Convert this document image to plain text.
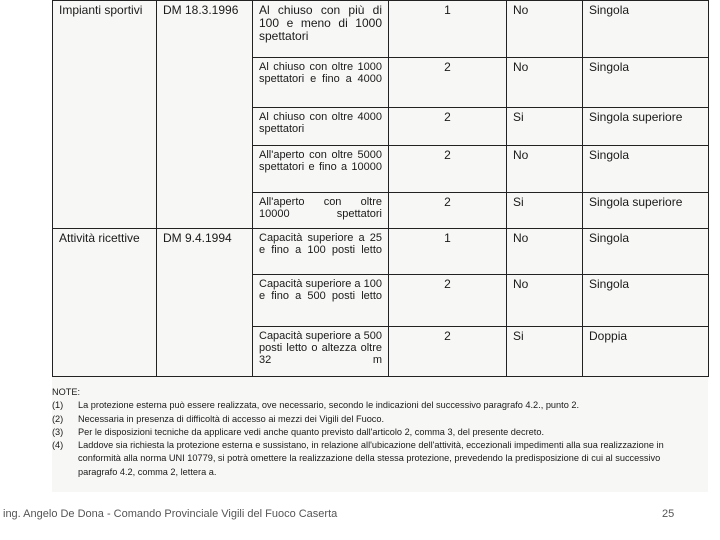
Impianti sportivi	DM 18.3.1996	Al chiuso con più di 100 e meno di 1000 spettatori	1	No	Singola
		Al chiuso con oltre 1000 spettatori e fino a 4000	2	No	Singola
		Al chiuso con oltre 4000 spettatori	2	Si	Singola superiore
		All'aperto con oltre 5000 spettatori e fino a 10000	2	No	Singola
		All'aperto con oltre 10000 spettatori	2	Si	Singola superiore
Attività ricettive	DM 9.4.1994	Capacità superiore a 25 e fino a 100 posti letto	1	No	Singola
		Capacità superiore a 100 e fino a 500 posti letto	2	No	Singola
		Capacità superiore a 500 posti letto o altezza oltre 32 m	2	Si	Doppia
NOTE:
(1)	La protezione esterna può essere realizzata, ove necessario, secondo le indicazioni del successivo paragrafo 4.2., punto 2.
(2)	Necessaria in presenza di difficoltà di accesso ai mezzi dei Vigili del Fuoco.
(3)	Per le disposizioni tecniche da applicare vedi anche quanto previsto dall'articolo 2, comma 3, del presente decreto.
(4)	Laddove sia richiesta la protezione esterna e sussistano, in relazione all'ubicazione dell'attività, eccezionali impedimenti alla sua realizzazione in conformità alla norma UNI 10779, si potrà omettere la realizzazione della stessa protezione, prevedendo la predisposizione di cui al successivo paragrafo 4.2, comma 2, lettera a.
ing. Angelo De Dona - Comando Provinciale Vigili del Fuoco Caserta	25
